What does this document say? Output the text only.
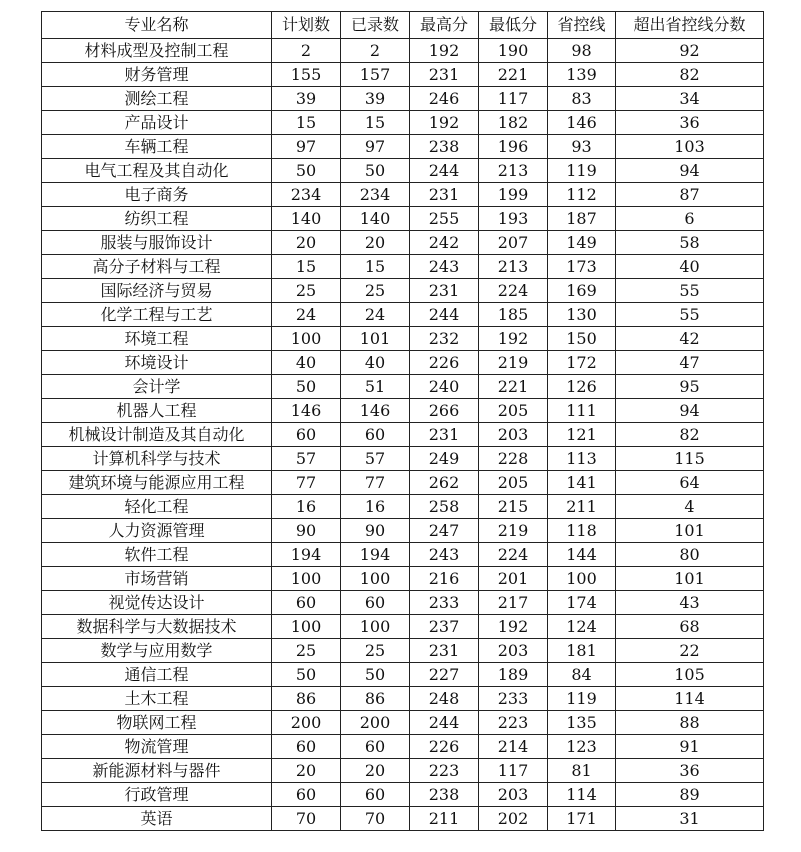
专业名称	计划数	已录数	最高分	最低分	省控线	超出省控线分数
材料成型及控制工程	2	2	192	190	98	92
财务管理	155	157	231	221	139	82
测绘工程	39	39	246	117	83	34
产品设计	15	15	192	182	146	36
车辆工程	97	97	238	196	93	103
电气工程及其自动化	50	50	244	213	119	94
电子商务	234	234	231	199	112	87
纺织工程	140	140	255	193	187	6
服装与服饰设计	20	20	242	207	149	58
高分子材料与工程	15	15	243	213	173	40
国际经济与贸易	25	25	231	224	169	55
化学工程与工艺	24	24	244	185	130	55
环境工程	100	101	232	192	150	42
环境设计	40	40	226	219	172	47
会计学	50	51	240	221	126	95
机器人工程	146	146	266	205	111	94
机械设计制造及其自动化	60	60	231	203	121	82
计算机科学与技术	57	57	249	228	113	115
建筑环境与能源应用工程	77	77	262	205	141	64
轻化工程	16	16	258	215	211	4
人力资源管理	90	90	247	219	118	101
软件工程	194	194	243	224	144	80
市场营销	100	100	216	201	100	101
视觉传达设计	60	60	233	217	174	43
数据科学与大数据技术	100	100	237	192	124	68
数学与应用数学	25	25	231	203	181	22
通信工程	50	50	227	189	84	105
土木工程	86	86	248	233	119	114
物联网工程	200	200	244	223	135	88
物流管理	60	60	226	214	123	91
新能源材料与器件	20	20	223	117	81	36
行政管理	60	60	238	203	114	89
英语	70	70	211	202	171	31
